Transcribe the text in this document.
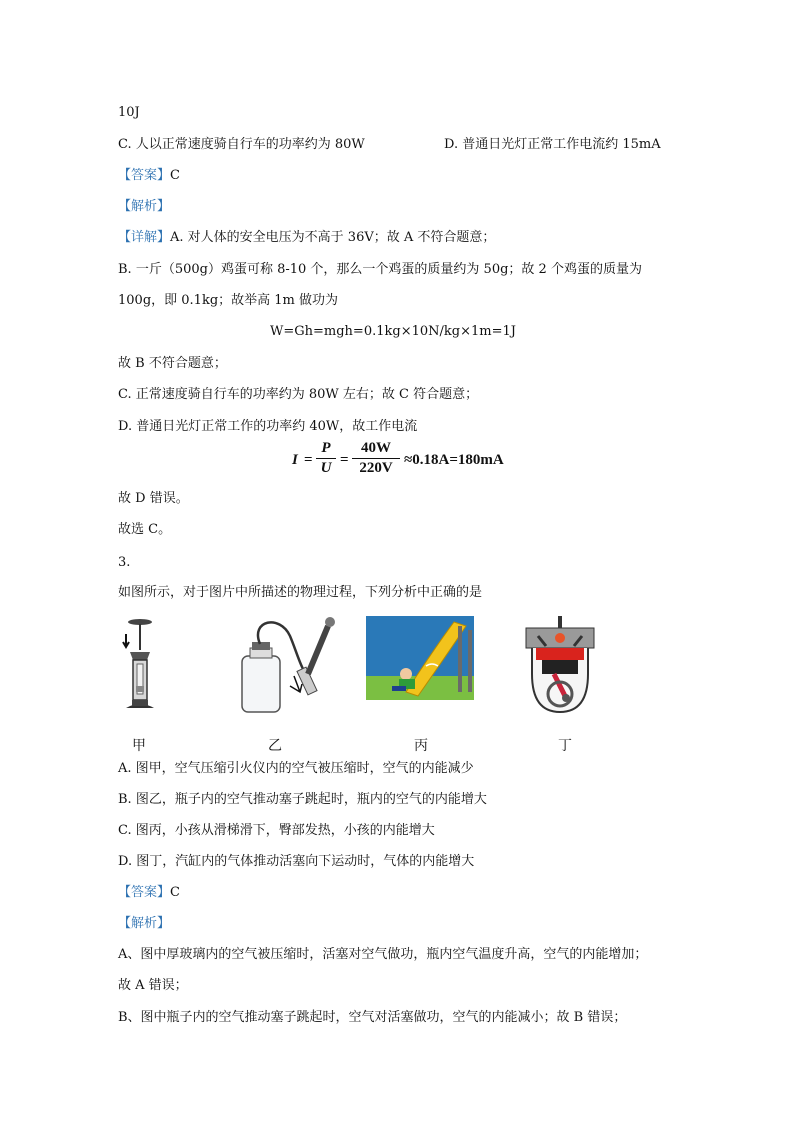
10J
C. 人以正常速度骑自行车的功率约为 80W	D. 普通日光灯正常工作电流约 15mA
【答案】C
【解析】
【详解】A. 对人体的安全电压为不高于 36V；故 A 不符合题意；
B. 一斤（500g）鸡蛋可称 8-10 个，那么一个鸡蛋的质量约为 50g；故 2 个鸡蛋的质量为
100g，即 0.1kg；故举高 1m 做功为
W=Gh=mgh=0.1kg×10N/kg×1m=1J
故 B 不符合题意；
C. 正常速度骑自行车的功率约为 80W 左右；故 C 符合题意；
D. 普通日光灯正常工作的功率约 40W，故工作电流
$I = \frac{P}{U} = \frac{40W}{220V} \approx 0.18A=180mA$
故 D 错误。
故选 C。
3.
如图所示，对于图片中所描述的物理过程，下列分析中正确的是
甲	乙	丙	丁
A. 图甲，空气压缩引火仪内的空气被压缩时，空气的内能减少
B. 图乙，瓶子内的空气推动塞子跳起时，瓶内的空气的内能增大
C. 图丙，小孩从滑梯滑下，臀部发热，小孩的内能增大
D. 图丁，汽缸内的气体推动活塞向下运动时，气体的内能增大
【答案】C
【解析】
A、图中厚玻璃内的空气被压缩时，活塞对空气做功，瓶内空气温度升高，空气的内能增加；
故 A 错误；
B、图中瓶子内的空气推动塞子跳起时，空气对活塞做功，空气的内能减小；故 B 错误；
